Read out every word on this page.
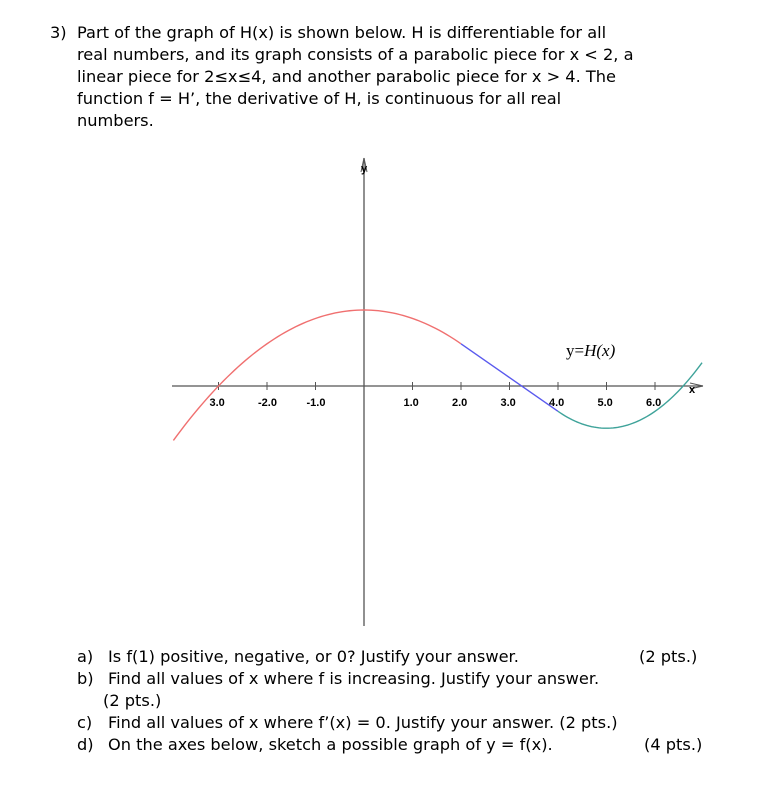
3) Part of the graph of H(x) is shown below. H is differentiable for all
real numbers, and its graph consists of a parabolic piece for x < 2, a
linear piece for 2≤x≤4, and another parabolic piece for x > 4. The
function f = H’, the derivative of H, is continuous for all real
numbers.
3.0	-2.0	-1.0	1.0	2.0	3.0	4.0	5.0	6.0
y
x
y=H(x)
a) Is f(1) positive, negative, or 0? Justify your answer.	(2 pts.)
b) Find all values of x where f is increasing. Justify your answer.
(2 pts.)
c) Find all values of x where f’(x) = 0. Justify your answer. (2 pts.)
d) On the axes below, sketch a possible graph of y = f(x).	(4 pts.)
